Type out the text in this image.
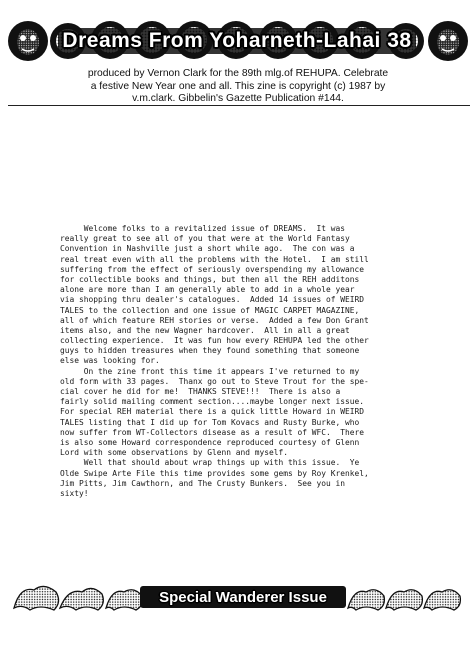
Dreams From Yoharneth-Lahai 38
produced by Vernon Clark for the 89th mlg.of REHUPA. Celebrate
a festive New Year one and all. This zine is copyright (c) 1987 by
v.m.clark. Gibbelin's Gazette Publication #144.
Welcome folks to a revitalized issue of DREAMS.  It was
really great to see all of you that were at the World Fantasy
Convention in Nashville just a short while ago.  The con was a
real treat even with all the problems with the Hotel.  I am still
suffering from the effect of seriously overspending my allowance
for collectible books and things, but then all the REH additons
alone are more than I am generally able to add in a whole year
via shopping thru dealer's catalogues.  Added 14 issues of WEIRD
TALES to the collection and one issue of MAGIC CARPET MAGAZINE,
all of which feature REH stories or verse.  Added a few Don Grant
items also, and the new Wagner hardcover.  All in all a great
collecting experience.  It was fun how every REHUPA led the other
guys to hidden treasures when they found something that someone
else was looking for.
On the zine front this time it appears I've returned to my
old form with 33 pages.  Thanx go out to Steve Trout for the spe-
cial cover he did for me!  THANKS STEVE!!!  There is also a
fairly solid mailing comment section....maybe longer next issue.
For special REH material there is a quick little Howard in WEIRD
TALES listing that I did up for Tom Kovacs and Rusty Burke, who
now suffer from WT-Collectors disease as a result of WFC.  There
is also some Howard correspondence reproduced courtesy of Glenn
Lord with some observations by Glenn and myself.
Well that should about wrap things up with this issue.  Ye
Olde Swipe Arte File this time provides some gems by Roy Krenkel,
Jim Pitts, Jim Cawthorn, and The Crusty Bunkers.  See you in
sixty!
Special Wanderer Issue
